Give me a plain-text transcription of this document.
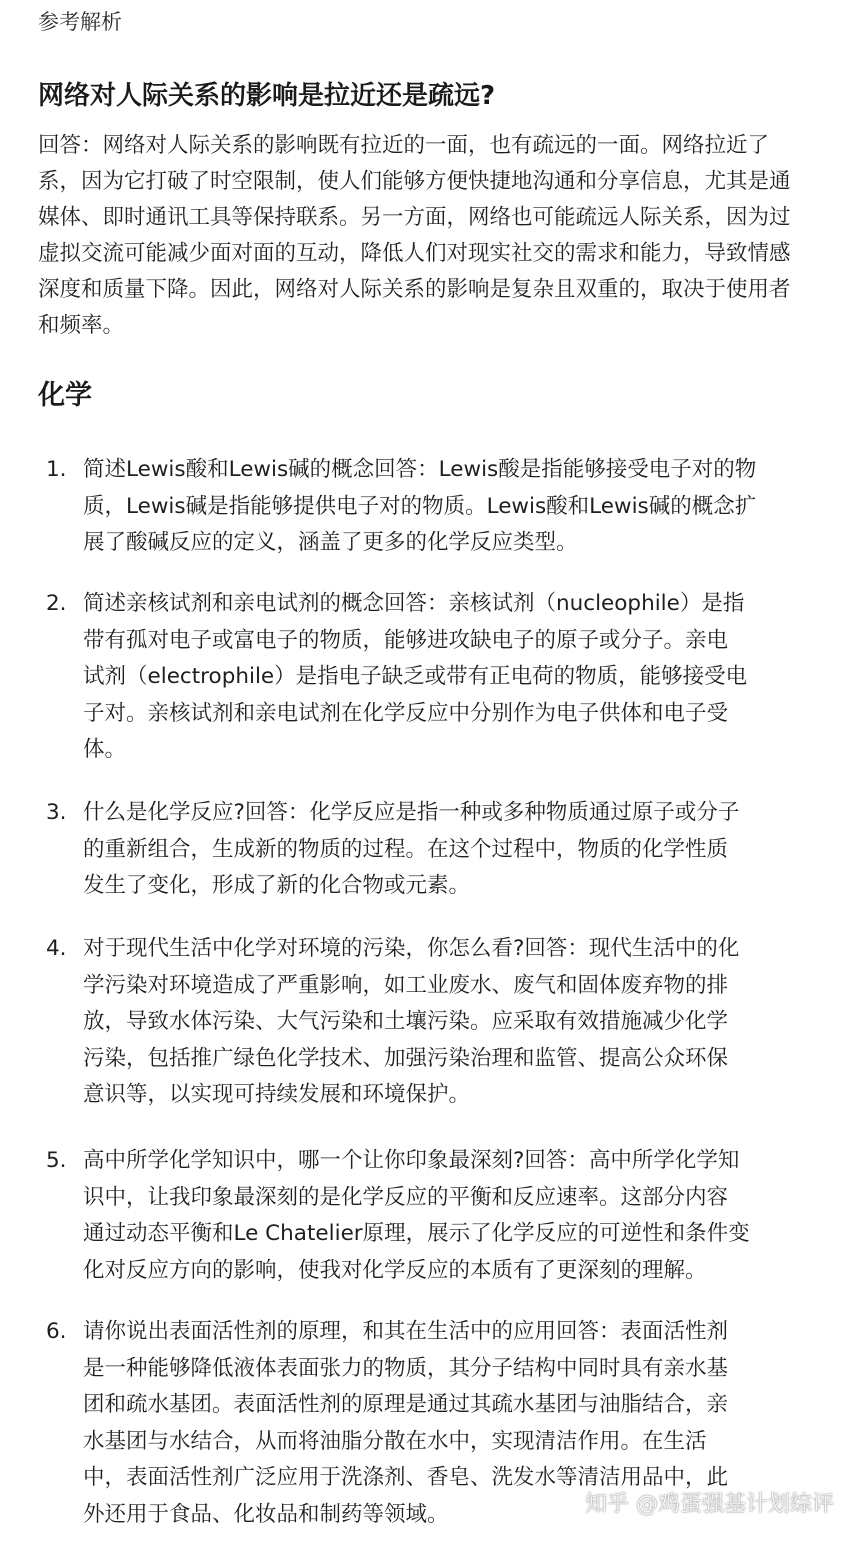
参考解析
网络对人际关系的影响是拉近还是疏远?
回答：网络对人际关系的影响既有拉近的一面，也有疏远的一面。网络拉近了
系，因为它打破了时空限制，使人们能够方便快捷地沟通和分享信息，尤其是通
媒体、即时通讯工具等保持联系。另一方面，网络也可能疏远人际关系，因为过
虚拟交流可能减少面对面的互动，降低人们对现实社交的需求和能力，导致情感
深度和质量下降。因此，网络对人际关系的影响是复杂且双重的，取决于使用者
和频率。
化学
1. 简述Lewis酸和Lewis碱的概念回答：Lewis酸是指能够接受电子对的物
质，Lewis碱是指能够提供电子对的物质。Lewis酸和Lewis碱的概念扩
展了酸碱反应的定义，涵盖了更多的化学反应类型。
2. 简述亲核试剂和亲电试剂的概念回答：亲核试剂（nucleophile）是指
带有孤对电子或富电子的物质，能够进攻缺电子的原子或分子。亲电
试剂（electrophile）是指电子缺乏或带有正电荷的物质，能够接受电
子对。亲核试剂和亲电试剂在化学反应中分别作为电子供体和电子受
体。
3. 什么是化学反应?回答：化学反应是指一种或多种物质通过原子或分子
的重新组合，生成新的物质的过程。在这个过程中，物质的化学性质
发生了变化，形成了新的化合物或元素。
4. 对于现代生活中化学对环境的污染，你怎么看?回答：现代生活中的化
学污染对环境造成了严重影响，如工业废水、废气和固体废弃物的排
放，导致水体污染、大气污染和土壤污染。应采取有效措施减少化学
污染，包括推广绿色化学技术、加强污染治理和监管、提高公众环保
意识等，以实现可持续发展和环境保护。
5. 高中所学化学知识中，哪一个让你印象最深刻?回答：高中所学化学知
识中，让我印象最深刻的是化学反应的平衡和反应速率。这部分内容
通过动态平衡和Le Chatelier原理，展示了化学反应的可逆性和条件变
化对反应方向的影响，使我对化学反应的本质有了更深刻的理解。
6. 请你说出表面活性剂的原理，和其在生活中的应用回答：表面活性剂
是一种能够降低液体表面张力的物质，其分子结构中同时具有亲水基
团和疏水基团。表面活性剂的原理是通过其疏水基团与油脂结合，亲
水基团与水结合，从而将油脂分散在水中，实现清洁作用。在生活
中，表面活性剂广泛应用于洗涤剂、香皂、洗发水等清洁用品中，此
外还用于食品、化妆品和制药等领域。	知乎 @鸡蛋强基计划综评
